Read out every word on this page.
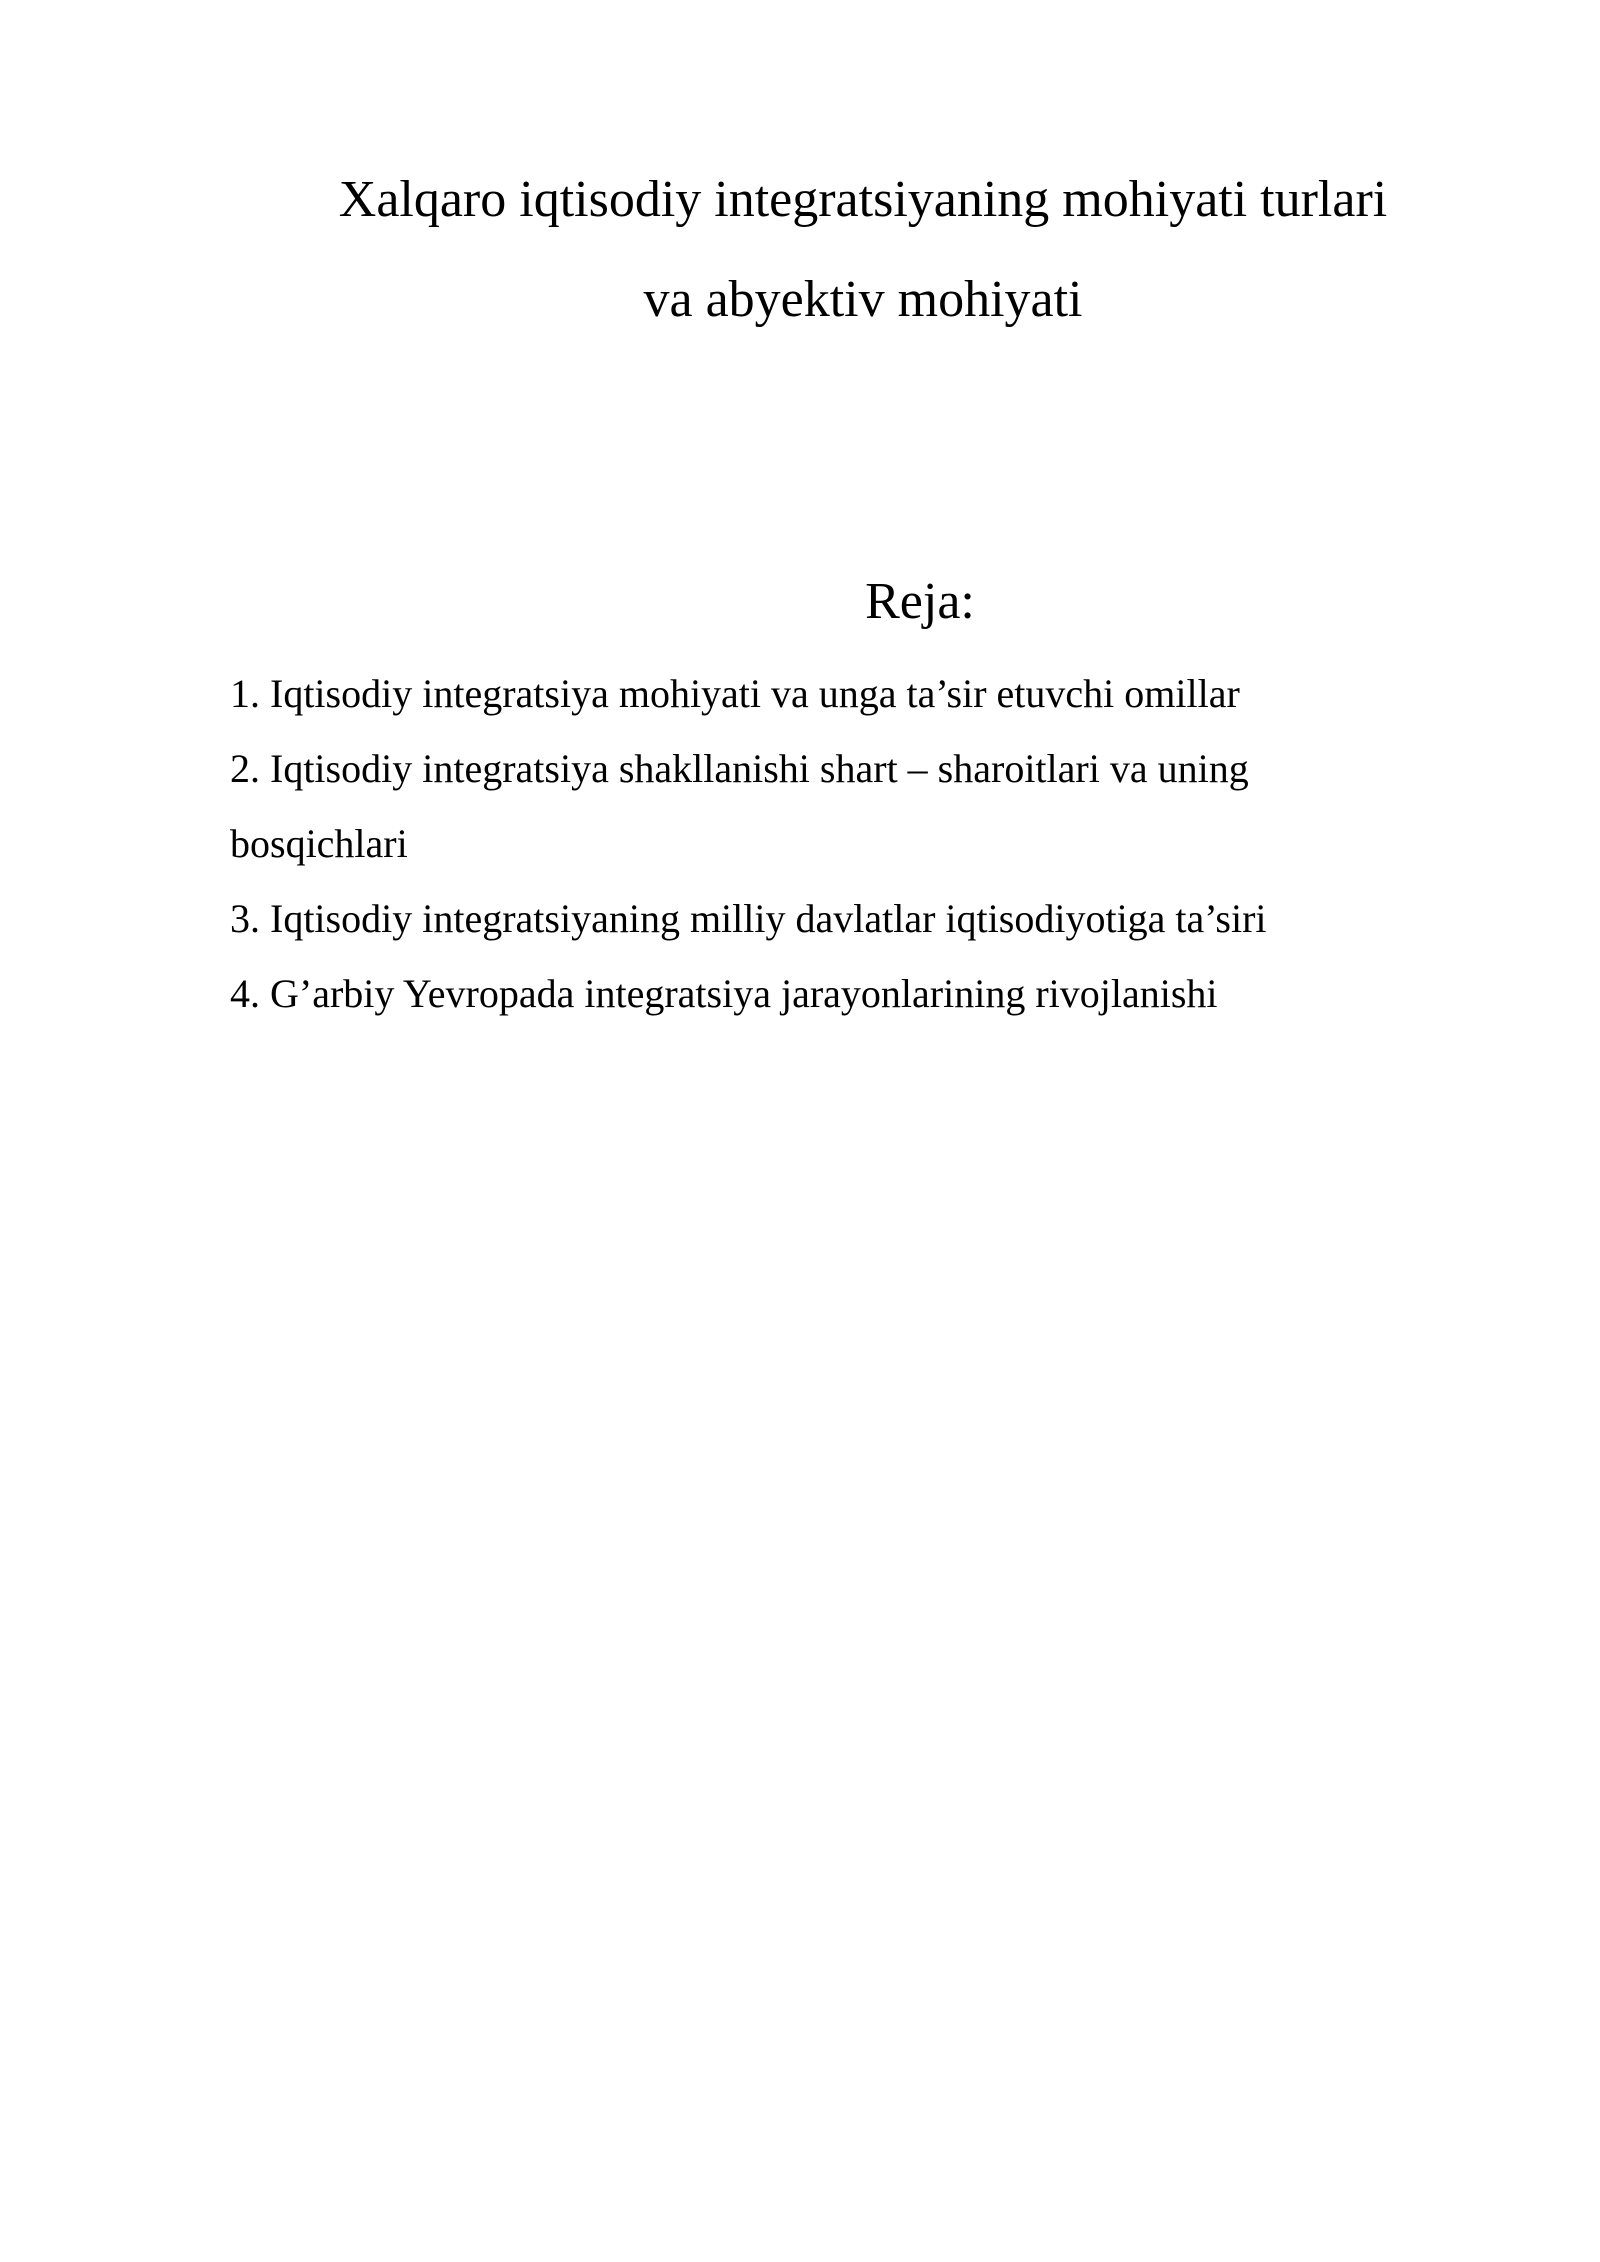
Xalqaro iqtisodiy integratsiyaning mohiyati turlari
va abyektiv mohiyati
Reja:
1. Iqtisodiy integratsiya mohiyati va unga ta’sir etuvchi omillar
2. Iqtisodiy integratsiya shakllanishi shart – sharoitlari va uning bosqichlari
3. Iqtisodiy integratsiyaning milliy davlatlar iqtisodiyotiga ta’siri
4. G’arbiy Yevropada integratsiya jarayonlarining rivojlanishi
